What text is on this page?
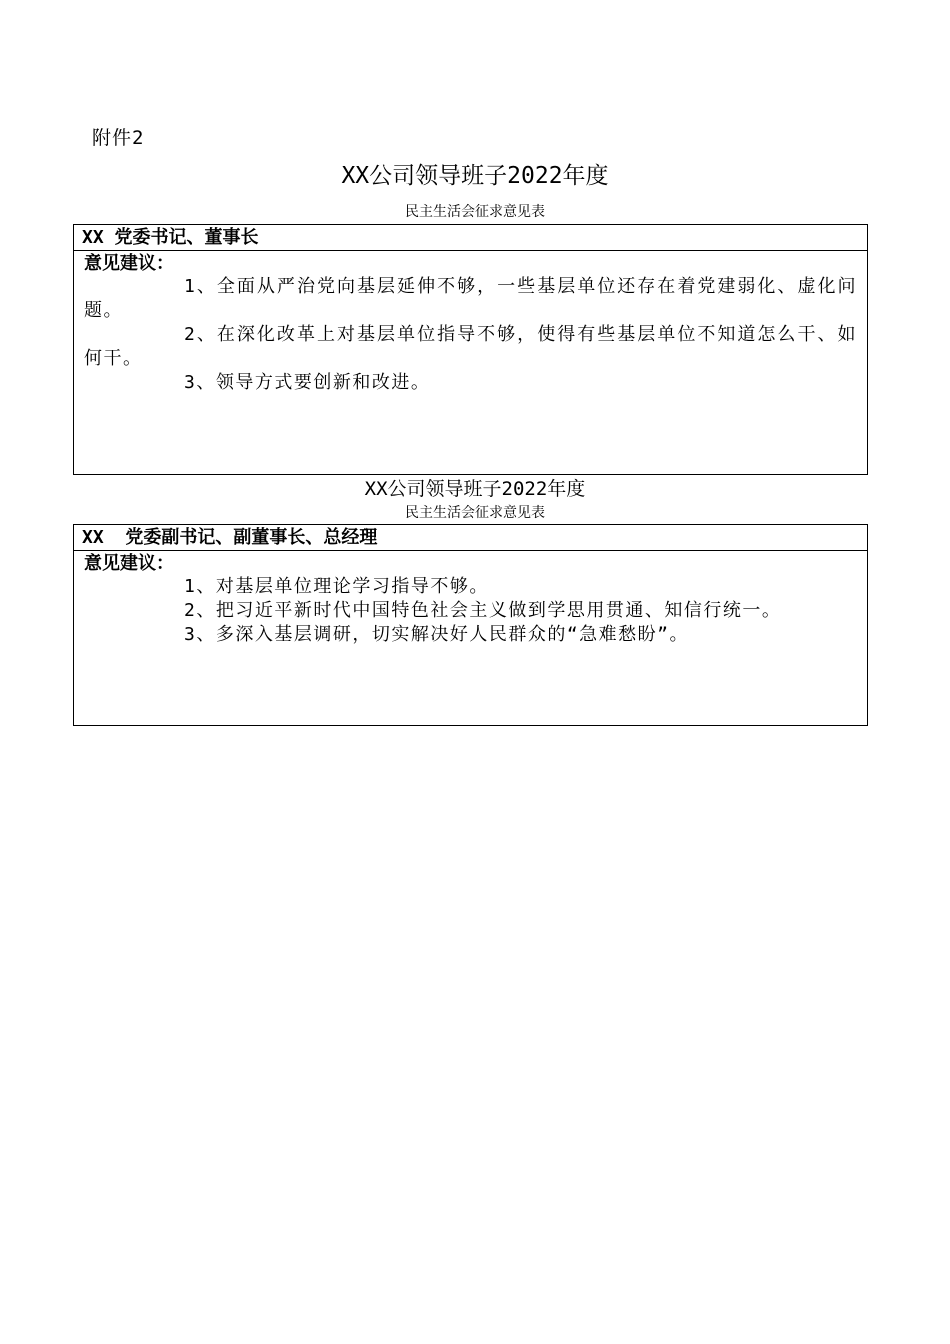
附件2
XX公司领导班子2022年度
民主生活会征求意见表
XX 党委书记、董事长
意见建议：
1、全面从严治党向基层延伸不够，一些基层单位还存在着党建弱化、虚化问题。
2、在深化改革上对基层单位指导不够，使得有些基层单位不知道怎么干、如何干。
3、领导方式要创新和改进。
XX公司领导班子2022年度
民主生活会征求意见表
XX  党委副书记、副董事长、总经理
意见建议：
1、对基层单位理论学习指导不够。
2、把习近平新时代中国特色社会主义做到学思用贯通、知信行统一。
3、多深入基层调研，切实解决好人民群众的“急难愁盼”。
